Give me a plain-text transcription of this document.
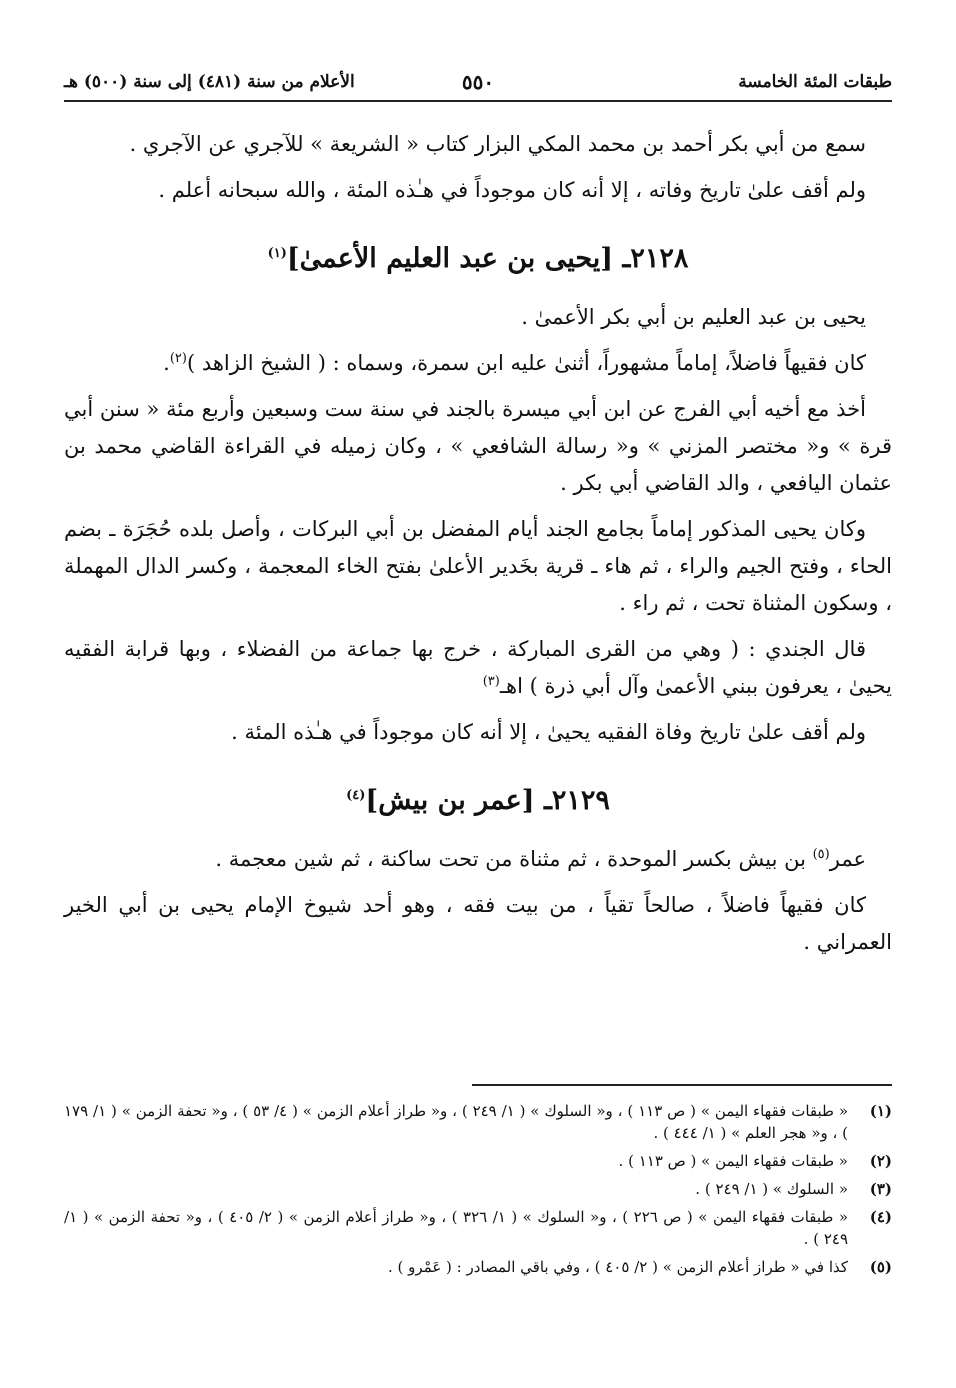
طبقات المئة الخامسة
٥٥٠
الأعلام من سنة (٤٨١) إلى سنة (٥٠٠) هـ

سمع من أبي بكر أحمد بن محمد المكي البزار كتاب « الشريعة » للآجري عن الآجري .

ولم أقف علىٰ تاريخ وفاته ، إلا أنه كان موجوداً في هـٰذه المئة ، والله سبحانه أعلم .

٢١٢٨ـ [يحيى بن عبد العليم الأعمىٰ]$^{(١)}$

يحيى بن عبد العليم بن أبي بكر الأعمىٰ .

كان فقيهاً فاضلاً، إماماً مشهوراً، أثنىٰ عليه ابن سمرة، وسماه : ( الشيخ الزاهد )$^{(٢)}$.

أخذ مع أخيه أبي الفرج عن ابن أبي ميسرة بالجند في سنة ست وسبعين وأربع مئة « سنن أبي قرة » و« مختصر المزني » و« رسالة الشافعي » ، وكان زميله في القراءة القاضي محمد بن عثمان اليافعي ، والد القاضي أبي بكر .

وكان يحيى المذكور إماماً بجامع الجند أيام المفضل بن أبي البركات ، وأصل بلده حُجَرَة ـ بضم الحاء ، وفتح الجيم والراء ، ثم هاء ـ قرية بخَدير الأعلىٰ بفتح الخاء المعجمة ، وكسر الدال المهملة ، وسكون المثناة تحت ، ثم راء .

قال الجندي : ( وهي من القرى المباركة ، خرج بها جماعة من الفضلاء ، وبها قرابة الفقيه يحيىٰ ، يعرفون ببني الأعمىٰ وآل أبي ذرة ) اهـ$^{(٣)}$

ولم أقف علىٰ تاريخ وفاة الفقيه يحيىٰ ، إلا أنه كان موجوداً في هـٰذه المئة .

٢١٢٩ـ [عمر بن بيش]$^{(٤)}$

عمر$^{(٥)}$ بن بيش بكسر الموحدة ، ثم مثناة من تحت ساكنة ، ثم شين معجمة .

كان فقيهاً فاضلاً ، صالحاً تقياً ، من بيت فقه ، وهو أحد شيوخ الإمام يحيى بن أبي الخير العمراني .

(١)
« طبقات فقهاء اليمن » ( ص ١١٣ ) ، و« السلوك » ( ١/ ٢٤٩ ) ، و« طراز أعلام الزمن » ( ٤/ ٥٣ ) ، و« تحفة الزمن » ( ١/ ١٧٩ ) ، و« هجر العلم » ( ١/ ٤٤٤ ) .
(٢)
« طبقات فقهاء اليمن » ( ص ١١٣ ) .
(٣)
« السلوك » ( ١/ ٢٤٩ ) .
(٤)
« طبقات فقهاء اليمن » ( ص ٢٢٦ ) ، و« السلوك » ( ١/ ٣٢٦ ) ، و« طراز أعلام الزمن » ( ٢/ ٤٠٥ ) ، و« تحفة الزمن » ( ١/ ٢٤٩ ) .
(٥)
كذا في « طراز أعلام الزمن » ( ٢/ ٤٠٥ ) ، وفي باقي المصادر : ( عَمْرو ) .
